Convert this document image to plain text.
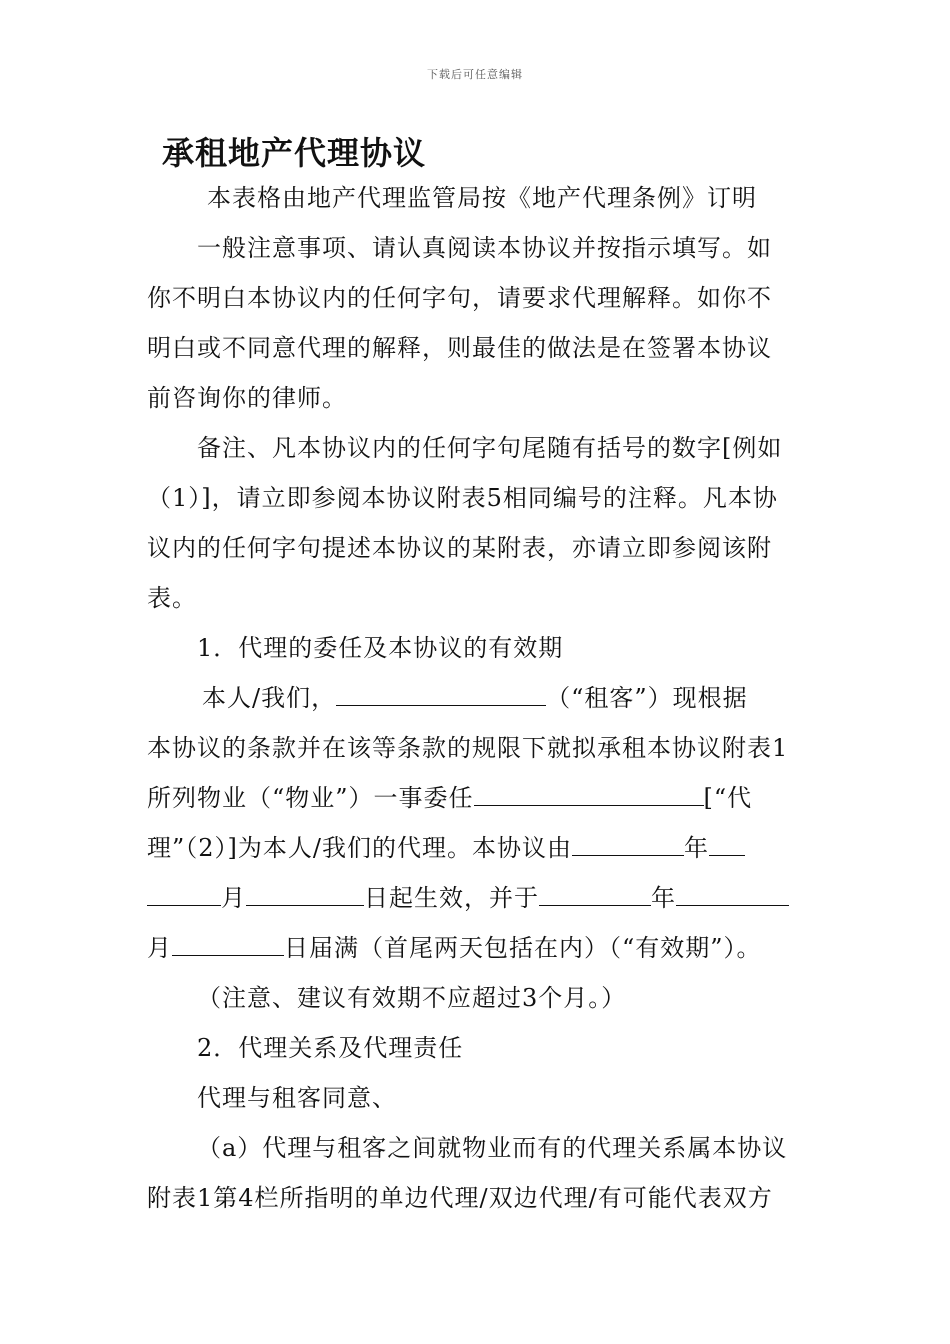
下载后可任意编辑
承租地产代理协议
本表格由地产代理监管局按《地产代理条例》订明
一般注意事项、请认真阅读本协议并按指示填写。如
你不明白本协议内的任何字句，请要求代理解释。如你不
明白或不同意代理的解释，则最佳的做法是在签署本协议
前咨询你的律师。
备注、凡本协议内的任何字句尾随有括号的数字[例如
（1）]，请立即参阅本协议附表5相同编号的注释。凡本协
议内的任何字句提述本协议的某附表，亦请立即参阅该附
表。
1．代理的委任及本协议的有效期
本人/我们，	（“租客”）现根据
本协议的条款并在该等条款的规限下就拟承租本协议附表1
所列物业（“物业”）一事委任	[“代
理”（2）]为本人/我们的代理。本协议由	年
月	日起生效，并于	年
月	日届满（首尾两天包括在内）（“有效期”）。
（注意、建议有效期不应超过3个月。）
2．代理关系及代理责任
代理与租客同意、
（a）代理与租客之间就物业而有的代理关系属本协议
附表1第4栏所指明的单边代理/双边代理/有可能代表双方
